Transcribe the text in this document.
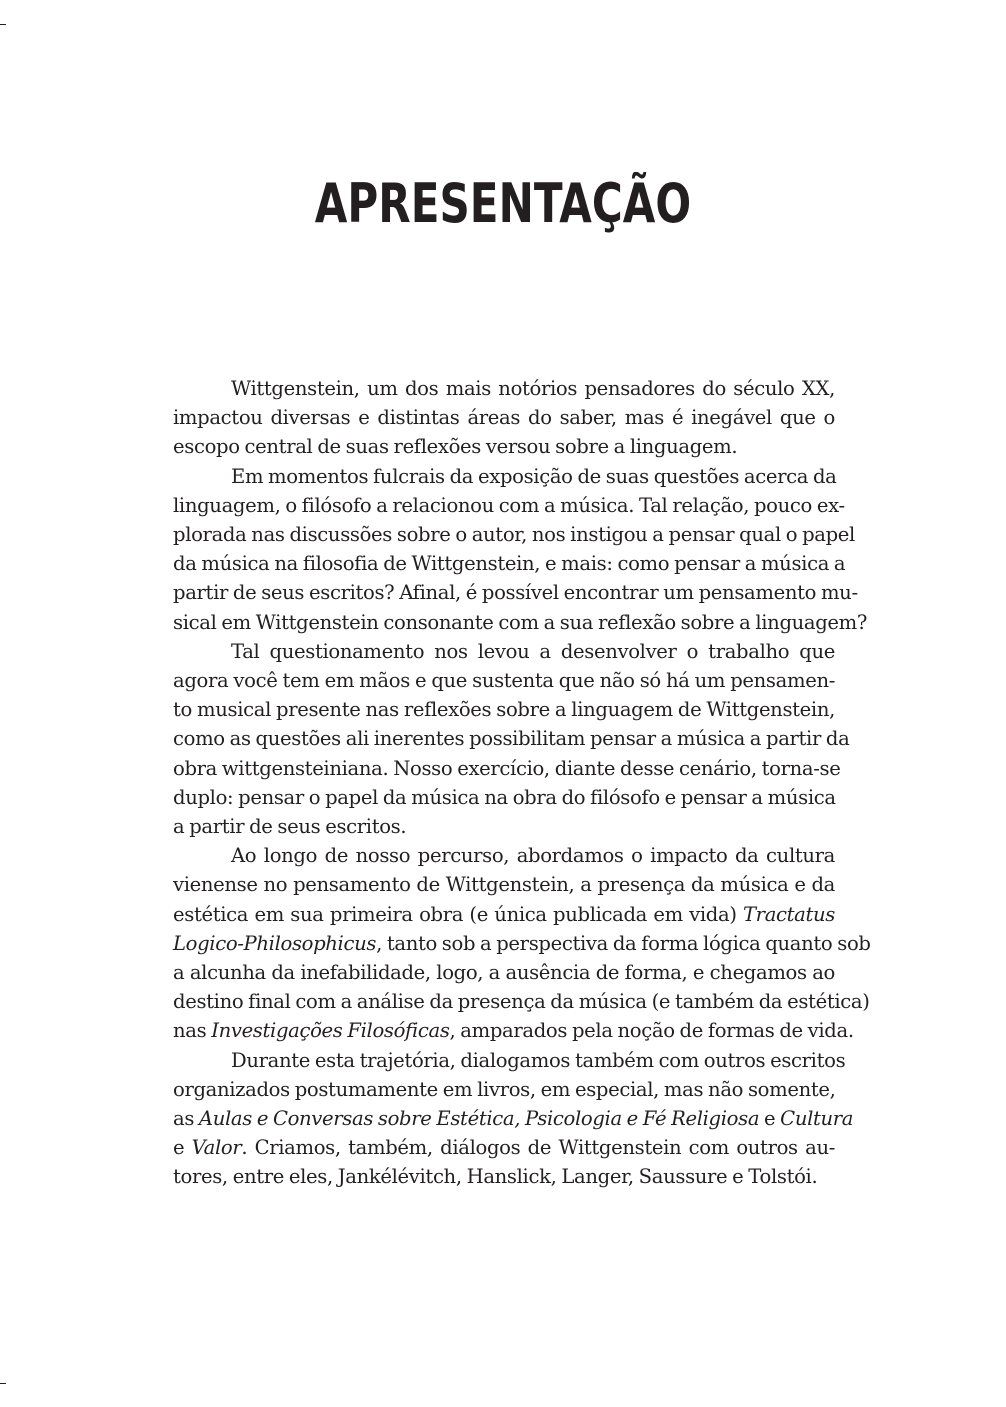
APRESENTAÇÃO
Wittgenstein, um dos mais notórios pensadores do século XX,
impactou diversas e distintas áreas do saber, mas é inegável que o
escopo central de suas reflexões versou sobre a linguagem.
Em momentos fulcrais da exposição de suas questões acerca da
linguagem, o filósofo a relacionou com a música. Tal relação, pouco ex-
plorada nas discussões sobre o autor, nos instigou a pensar qual o papel
da música na filosofia de Wittgenstein, e mais: como pensar a música a
partir de seus escritos? Afinal, é possível encontrar um pensamento mu-
sical em Wittgenstein consonante com a sua reflexão sobre a linguagem?
Tal questionamento nos levou a desenvolver o trabalho que
agora você tem em mãos e que sustenta que não só há um pensamen-
to musical presente nas reflexões sobre a linguagem de Wittgenstein,
como as questões ali inerentes possibilitam pensar a música a partir da
obra wittgensteiniana. Nosso exercício, diante desse cenário, torna-se
duplo: pensar o papel da música na obra do filósofo e pensar a música
a partir de seus escritos.
Ao longo de nosso percurso, abordamos o impacto da cultura
vienense no pensamento de Wittgenstein, a presença da música e da
estética em sua primeira obra (e única publicada em vida) Tractatus
Logico-Philosophicus, tanto sob a perspectiva da forma lógica quanto sob
a alcunha da inefabilidade, logo, a ausência de forma, e chegamos ao
destino final com a análise da presença da música (e também da estética)
nas Investigações Filosóficas, amparados pela noção de formas de vida.
Durante esta trajetória, dialogamos também com outros escritos
organizados postumamente em livros, em especial, mas não somente,
as Aulas e Conversas sobre Estética, Psicologia e Fé Religiosa e Cultura
e Valor. Criamos, também, diálogos de Wittgenstein com outros au-
tores, entre eles, Jankélévitch, Hanslick, Langer, Saussure e Tolstói.
